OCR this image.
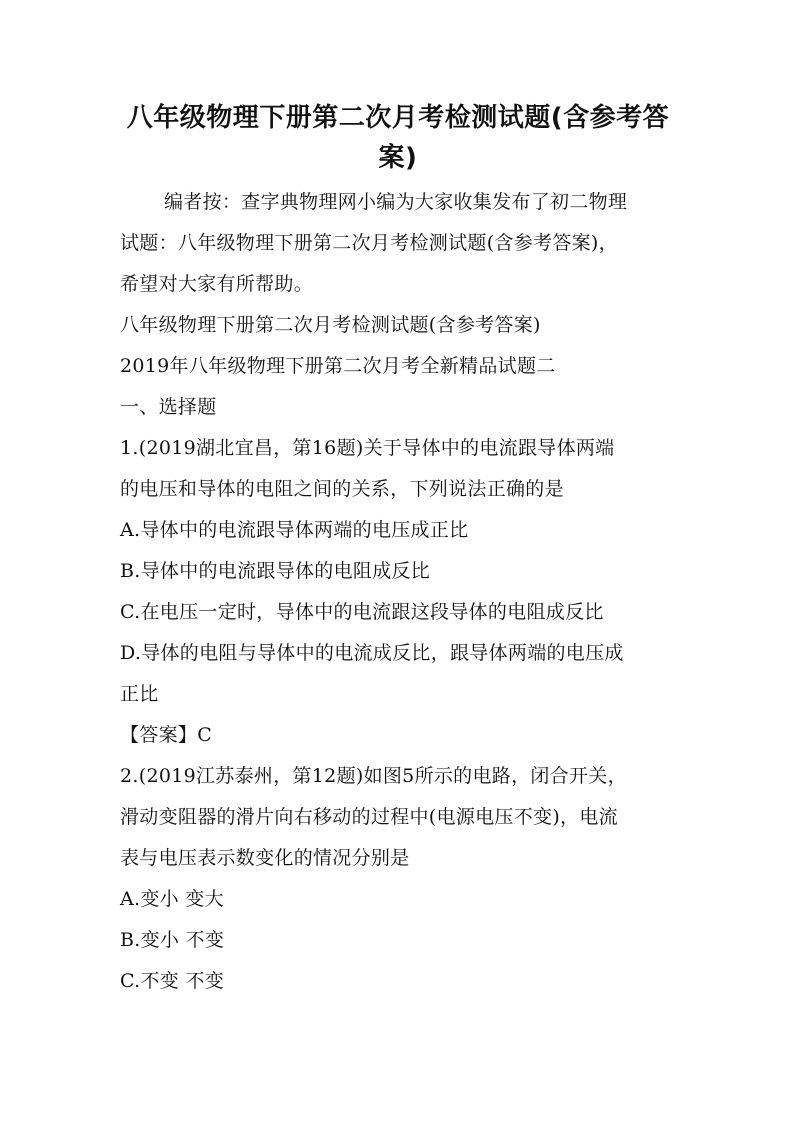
八年级物理下册第二次月考检测试题(含参考答
案)
编者按：查字典物理网小编为大家收集发布了初二物理
试题：八年级物理下册第二次月考检测试题(含参考答案)，
希望对大家有所帮助。
八年级物理下册第二次月考检测试题(含参考答案)
2019年八年级物理下册第二次月考全新精品试题二
一、选择题
1.(2019湖北宜昌，第16题)关于导体中的电流跟导体两端
的电压和导体的电阻之间的关系，下列说法正确的是
A.导体中的电流跟导体两端的电压成正比
B.导体中的电流跟导体的电阻成反比
C.在电压一定时，导体中的电流跟这段导体的电阻成反比
D.导体的电阻与导体中的电流成反比，跟导体两端的电压成
正比
【答案】C
2.(2019江苏泰州，第12题)如图5所示的电路，闭合开关，
滑动变阻器的滑片向右移动的过程中(电源电压不变)，电流
表与电压表示数变化的情况分别是
A.变小 变大
B.变小 不变
C.不变 不变
